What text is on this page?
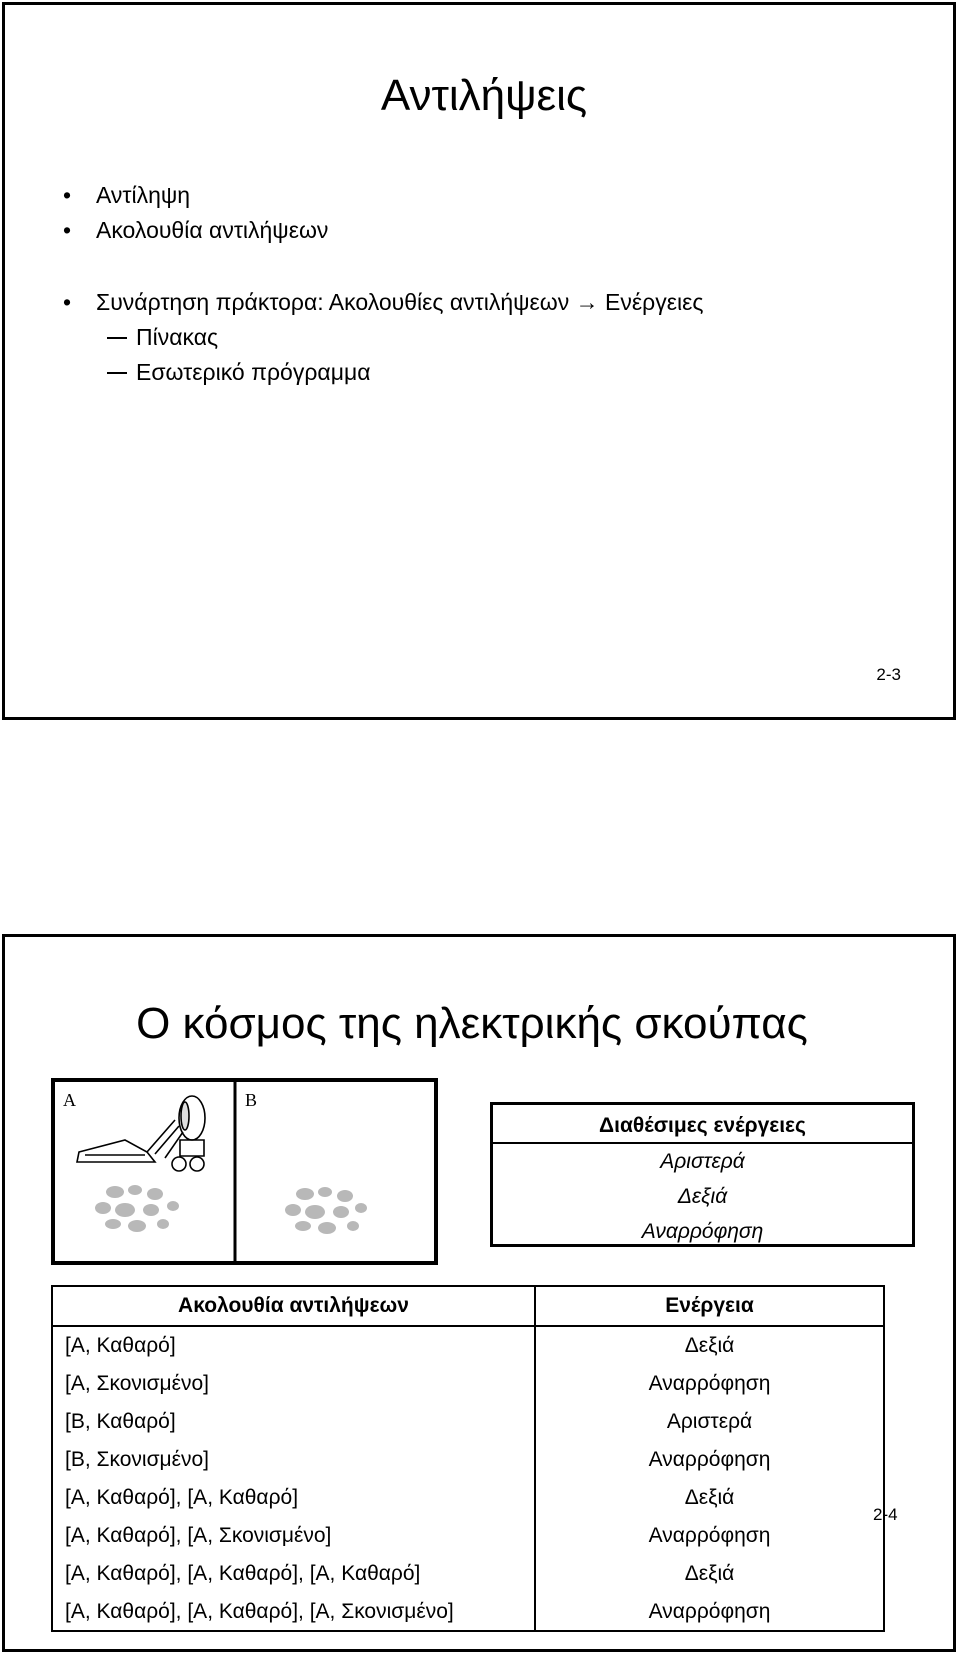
Αντιλήψεις
• Αντίληψη
• Ακολουθία αντιλήψεων
• Συνάρτηση πράκτορα: Ακολουθίες αντιλήψεων → Ενέργειες
Πίνακας
Εσωτερικό πρόγραμμα
2-3
Ο κόσμος της ηλεκτρικής σκούπας
A	B
Διαθέσιμες ενέργειες
Αριστερά
Δεξιά
Αναρρόφηση
Ακολουθία αντιλήψεων	Ενέργεια
[A, Καθαρό]	Δεξιά
[A, Σκονισμένο]	Αναρρόφηση
[B, Καθαρό]	Αριστερά
[B, Σκονισμένο]	Αναρρόφηση
[A, Καθαρό], [A, Καθαρό]	Δεξιά
[A, Καθαρό], [A, Σκονισμένο]	Αναρρόφηση
[A, Καθαρό], [A, Καθαρό], [A, Καθαρό]	Δεξιά
[A, Καθαρό], [A, Καθαρό], [A, Σκονισμένο]	Αναρρόφηση
2-4
